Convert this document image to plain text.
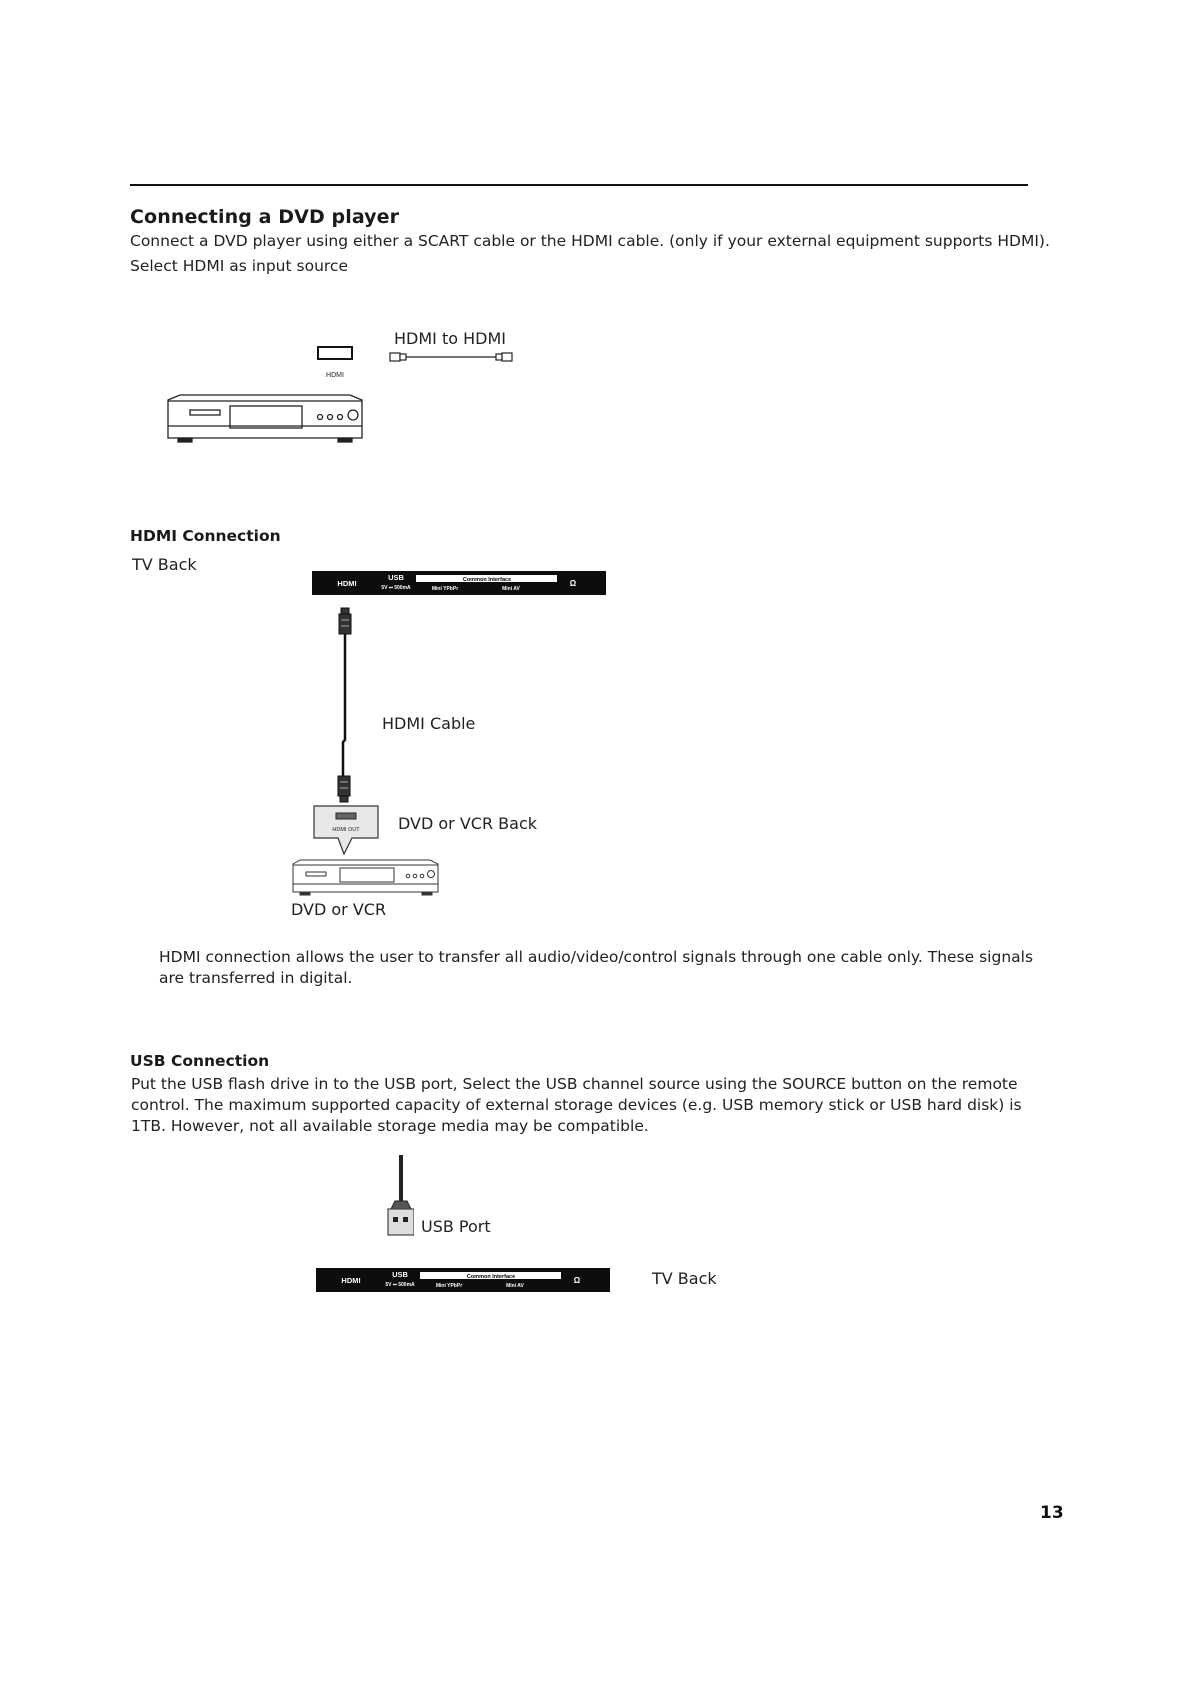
Connecting a DVD player
Connect a DVD player using either a SCART cable or the HDMI cable. (only if your external equipment supports HDMI).
Select HDMI as input source
HDMI
HDMI to HDMI
HDMI Connection
TV Back
HDMI
USB
5V ⎓ 500mA
Common Interface
Mini YPbPr	Mini AV
Ω
HDMI Cable
HDMI OUT DVD or VCR Back
DVD or VCR
HDMI connection allows the user to transfer all audio/video/control signals through one cable only. These signals are transferred in digital.
USB Connection
Put the USB flash drive in to the USB port, Select the USB channel source using the SOURCE button on the remote
control. The maximum supported capacity of external storage devices (e.g. USB memory stick or USB hard disk) is
1TB. However, not all available storage media may be compatible.
USB Port
HDMI
USB
5V ⎓ 500mA
Common Interface
Mini YPbPr	Mini AV
Ω	TV Back
13
